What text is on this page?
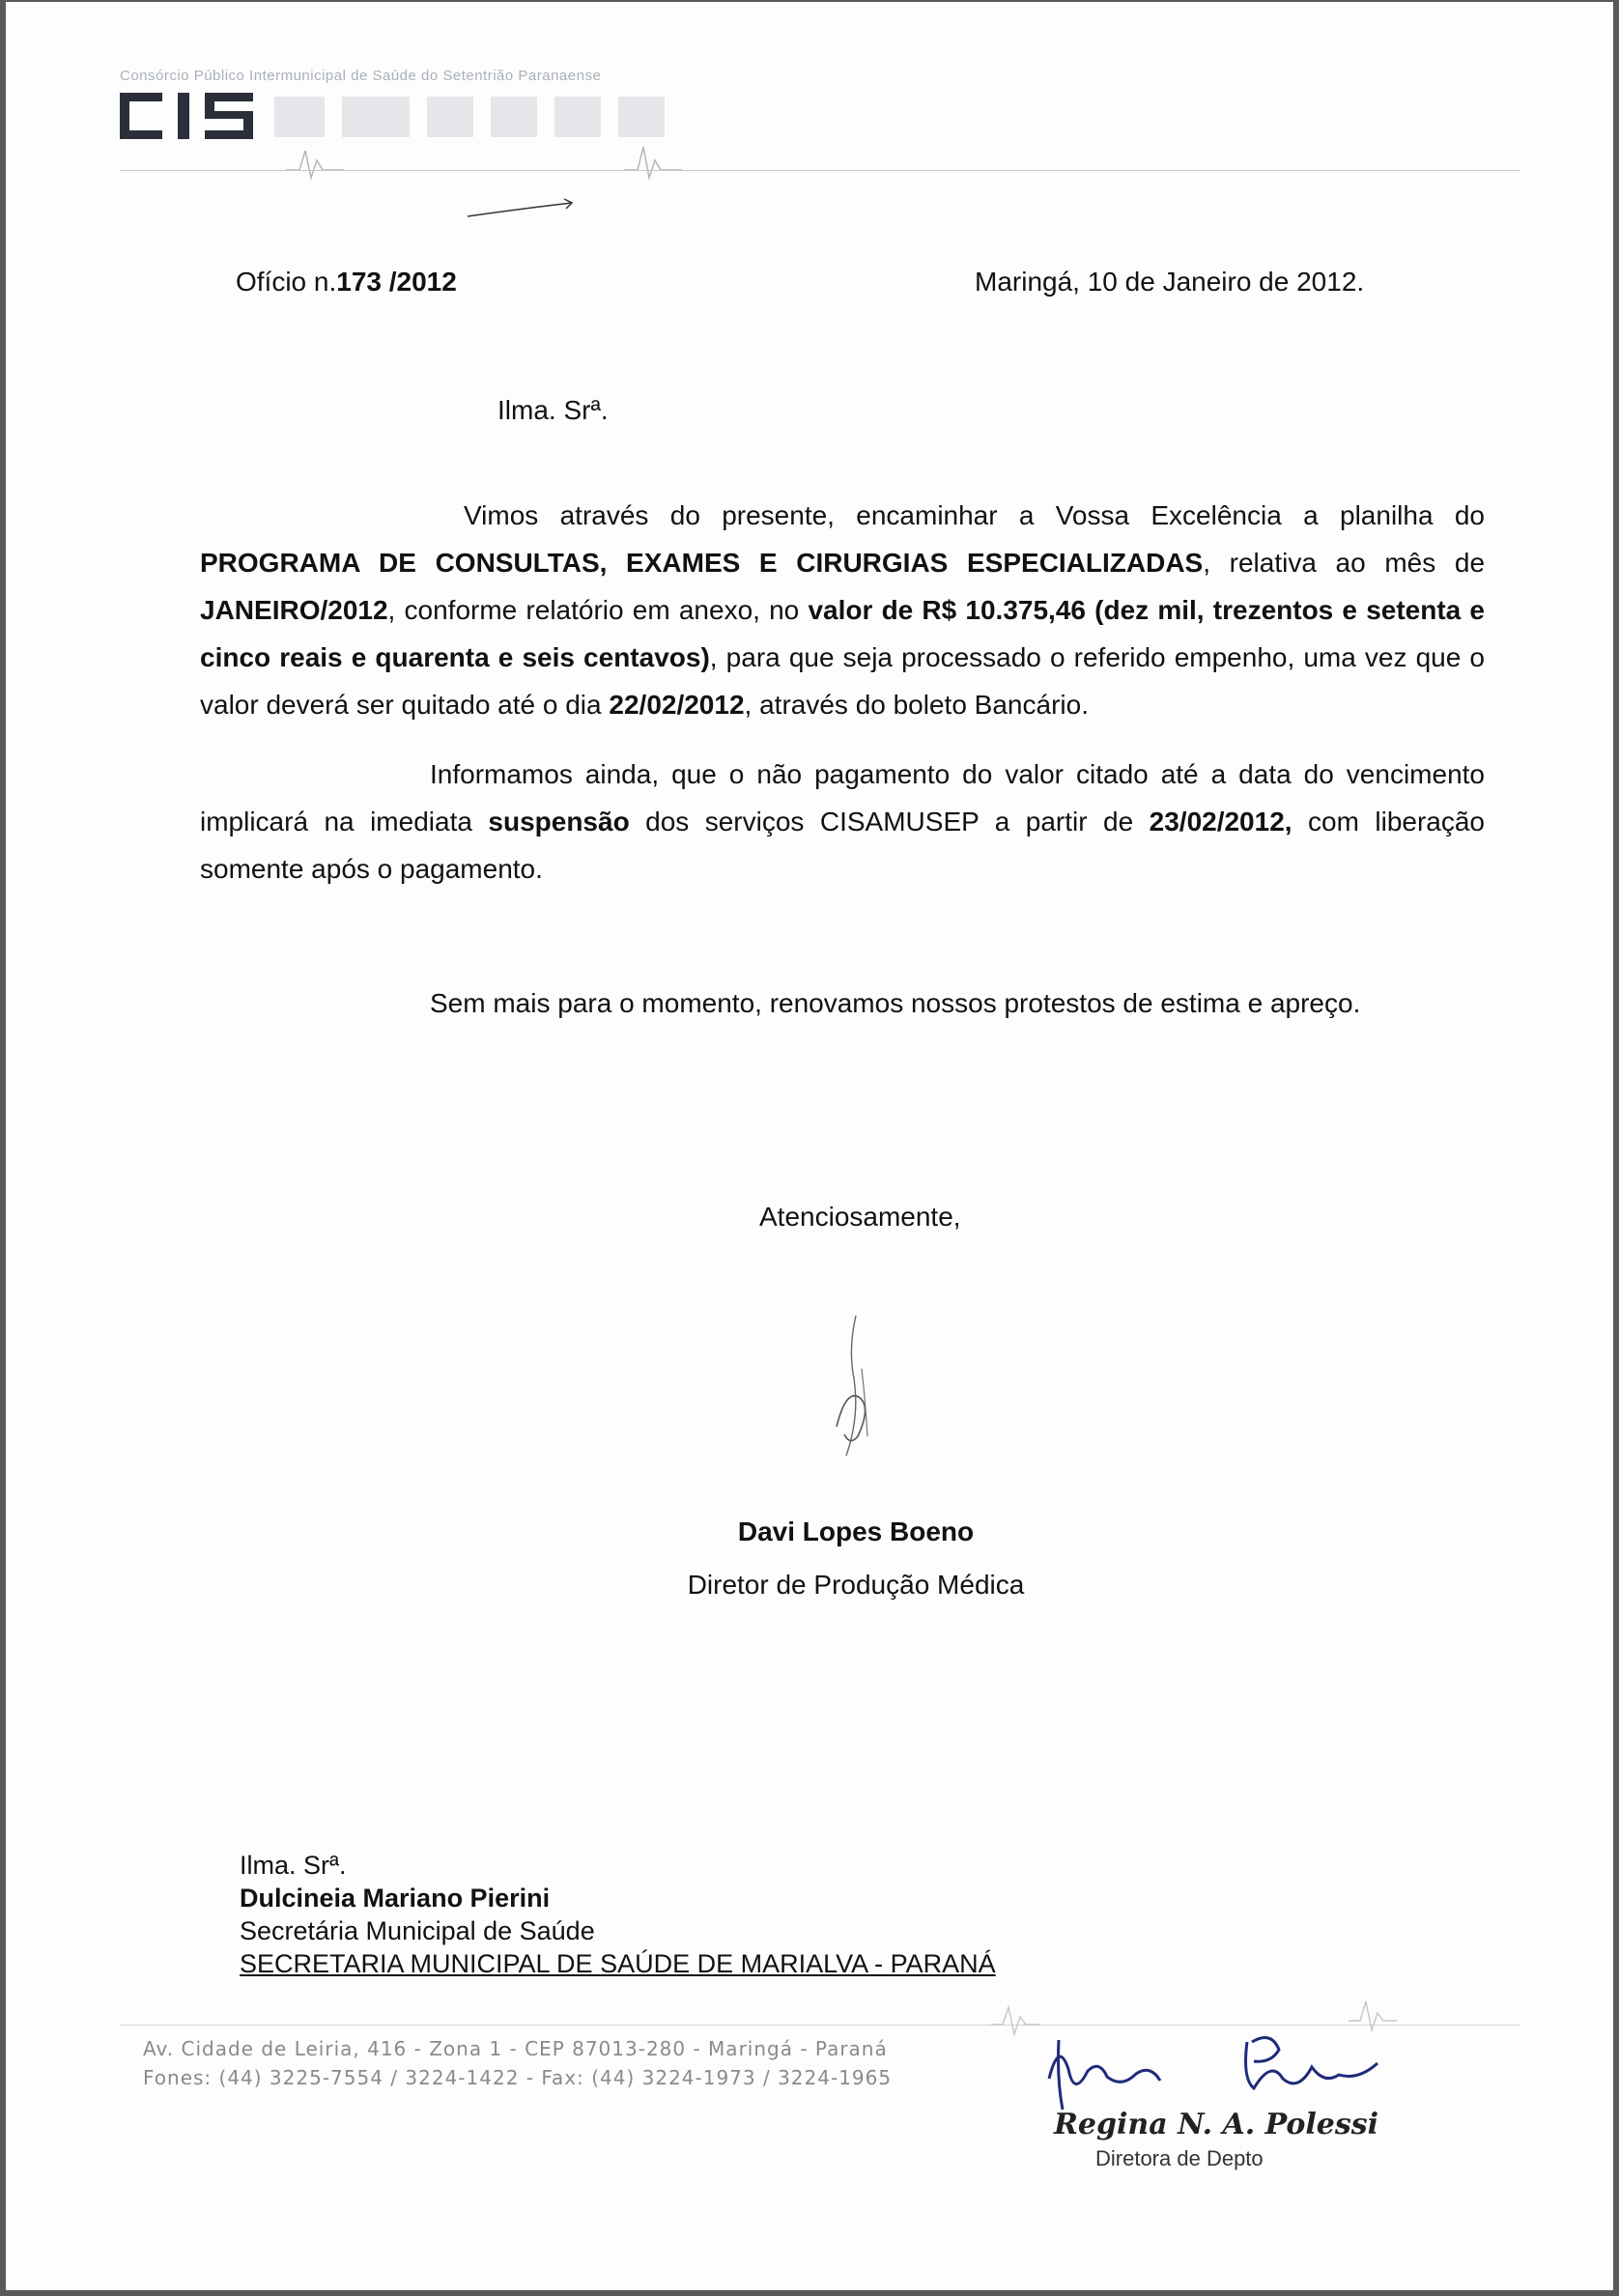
Consórcio Público Intermunicipal de Saúde do Setentrião Paranaense
Ofício n.173 /2012	Maringá, 10 de Janeiro de 2012.
Ilma. Srª.
Vimos através do presente, encaminhar a Vossa Excelência a planilha do PROGRAMA DE CONSULTAS, EXAMES E CIRURGIAS ESPECIALIZADAS, relativa ao mês de JANEIRO/2012, conforme relatório em anexo, no valor de R$ 10.375,46 (dez mil, trezentos e setenta e cinco reais e quarenta e seis centavos), para que seja processado o referido empenho, uma vez que o valor deverá ser quitado até o dia 22/02/2012, através do boleto Bancário.
Informamos ainda, que o não pagamento do valor citado até a data do vencimento implicará na imediata suspensão dos serviços CISAMUSEP a partir de 23/02/2012, com liberação somente após o pagamento.
Sem mais para o momento, renovamos nossos protestos de estima e apreço.
Atenciosamente,
Davi Lopes Boeno
Diretor de Produção Médica
Ilma. Srª.
Dulcineia Mariano Pierini
Secretária Municipal de Saúde
SECRETARIA MUNICIPAL DE SAÚDE DE MARIALVA - PARANÁ
Av. Cidade de Leiria, 416 - Zona 1 - CEP 87013-280 - Maringá - Paraná
Fones: (44) 3225-7554 / 3224-1422 - Fax: (44) 3224-1973 / 3224-1965
Regina N. A. Polessi
Diretora de Depto
